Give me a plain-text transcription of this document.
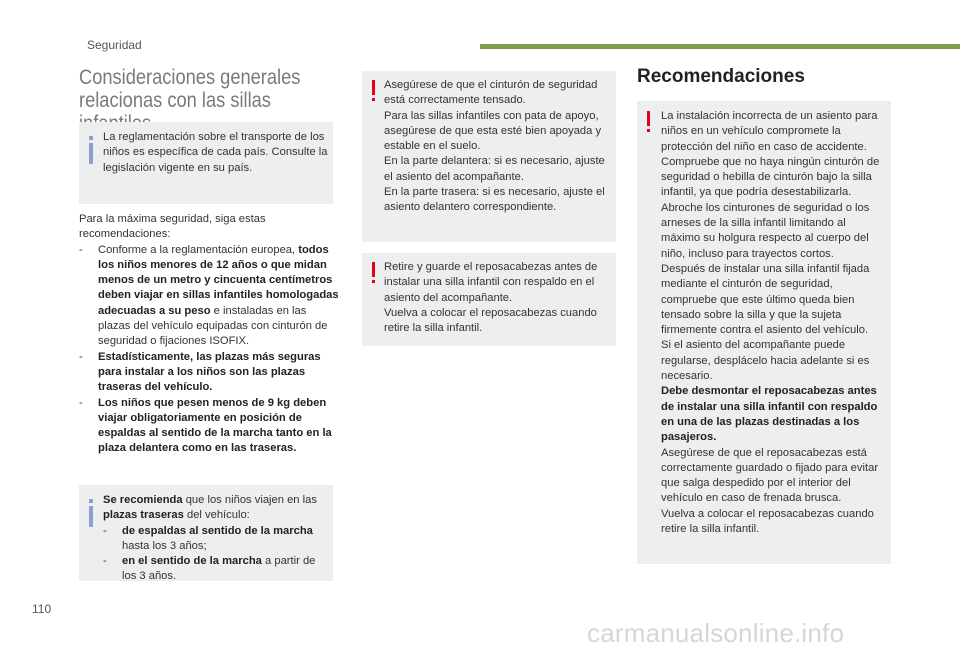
Seguridad
Consideraciones generales relacionas con las sillas
La reglamentación sobre el transporte de los niños es específica de cada país. Consulte la legislación vigente en su país.
Para la máxima seguridad, siga estas recomendaciones:
- Conforme a la reglamentación europea, todos los niños menores de 12 años o que midan menos de un metro y cincuenta centímetros deben viajar en sillas infantiles homologadas adecuadas a su peso e instaladas en las plazas del vehículo equipadas con cinturón de seguridad o fijaciones ISOFIX.
- Estadísticamente, las plazas más seguras para instalar a los niños son las plazas traseras del vehículo.
- Los niños que pesen menos de 9 kg deben viajar obligatoriamente en posición de espaldas al sentido de la marcha tanto en la plaza delantera como en las traseras.
Se recomienda que los niños viajen en las plazas traseras del vehículo:
- de espaldas al sentido de la marcha hasta los 3 años;
- en el sentido de la marcha a partir de los 3 años.
Asegúrese de que el cinturón de seguridad está correctamente tensado.
Para las sillas infantiles con pata de apoyo, asegúrese de que esta esté bien apoyada y estable en el suelo.
En la parte delantera: si es necesario, ajuste el asiento del acompañante.
En la parte trasera: si es necesario, ajuste el asiento delantero correspondiente.
Retire y guarde el reposacabezas antes de instalar una silla infantil con respaldo en el asiento del acompañante.
Vuelva a colocar el reposacabezas cuando retire la silla infantil.
Recomendaciones
La instalación incorrecta de un asiento para niños en un vehículo compromete la protección del niño en caso de accidente.
Compruebe que no haya ningún cinturón de seguridad o hebilla de cinturón bajo la silla infantil, ya que podría desestabilizarla.
Abroche los cinturones de seguridad o los arneses de la silla infantil limitando al máximo su holgura respecto al cuerpo del niño, incluso para trayectos cortos.
Después de instalar una silla infantil fijada mediante el cinturón de seguridad, compruebe que este último queda bien tensado sobre la silla y que la sujeta firmemente contra el asiento del vehículo.
Si el asiento del acompañante puede regularse, desplácelo hacia adelante si es necesario.
Debe desmontar el reposacabezas antes de instalar una silla infantil con respaldo en una de las plazas destinadas a los pasajeros.
Asegúrese de que el reposacabezas está correctamente guardado o fijado para evitar que salga despedido por el interior del vehículo en caso de frenada brusca.
Vuelva a colocar el reposacabezas cuando retire la silla infantil.
110
carmanualsonline.info
